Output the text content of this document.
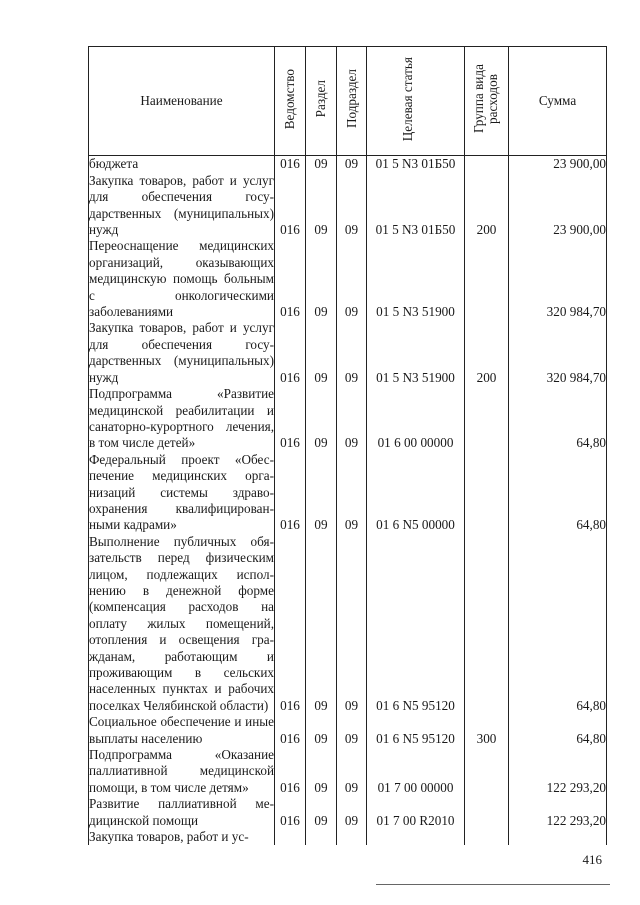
Наименование	Ведомство	Раздел	Подраздел	Целевая статья	Группа вида расходов	Сумма
бюджета	016	09	09	01 5 N3 01Б50		23 900,00
Закупка товаров, работ и услуг для обеспечения государственных (муниципальных) нужд	016	09	09	01 5 N3 01Б50	200	23 900,00
Переоснащение медицинских организаций, оказывающих медицинскую помощь больным с онкологическими заболеваниями	016	09	09	01 5 N3 51900		320 984,70
Закупка товаров, работ и услуг для обеспечения государственных (муниципальных) нужд	016	09	09	01 5 N3 51900	200	320 984,70
Подпрограмма «Развитие медицинской реабилитации и санаторно-курортного лечения, в том числе детей»	016	09	09	01 6 00 00000		64,80
Федеральный проект «Обеспечение медицинских организаций системы здравоохранения квалифицированными кадрами»	016	09	09	01 6 N5 00000		64,80
Выполнение публичных обязательств перед физическим лицом, подлежащих исполнению в денежной форме (компенсация расходов на оплату жилых помещений, отопления и освещения гражданам, работающим и проживающим в сельских населенных пунктах и рабочих поселках Челябинской области)	016	09	09	01 6 N5 95120		64,80
Социальное обеспечение и иные выплаты населению	016	09	09	01 6 N5 95120	300	64,80
Подпрограмма «Оказание паллиативной медицинской помощи, в том числе детям»	016	09	09	01 7 00 00000		122 293,20
Развитие паллиативной медицинской помощи	016	09	09	01 7 00 R2010		122 293,20
Закупка товаров, работ и ус-						
416
